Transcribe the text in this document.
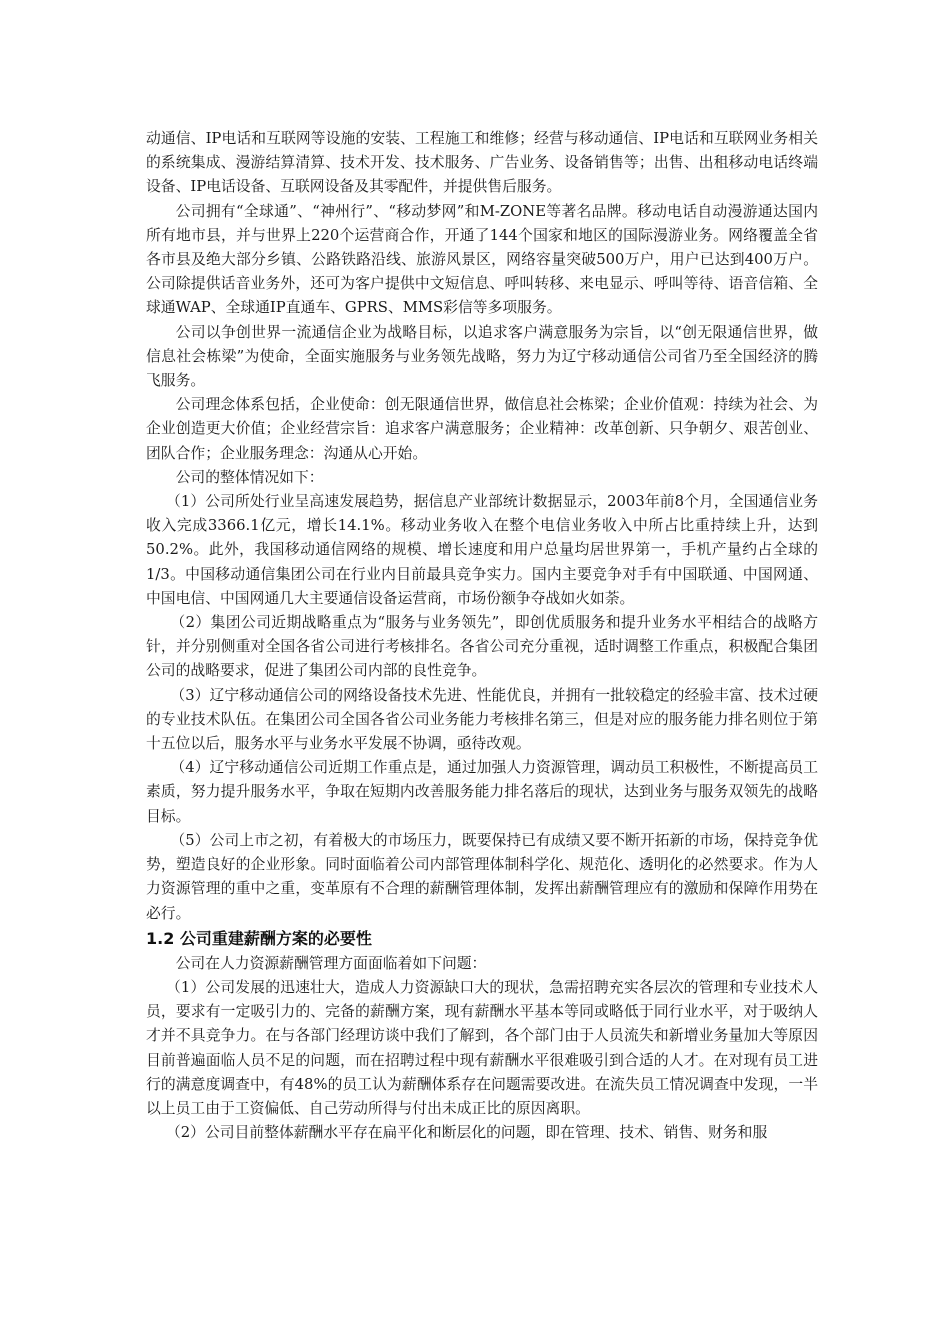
动通信、IP电话和互联网等设施的安装、工程施工和维修；经营与移动通信、IP电话和互联网业务相关的系统集成、漫游结算清算、技术开发、技术服务、广告业务、设备销售等；出售、出租移动电话终端设备、IP电话设备、互联网设备及其零配件，并提供售后服务。

公司拥有“全球通”、“神州行”、“移动梦网”和M-ZONE等著名品牌。移动电话自动漫游通达国内所有地市县，并与世界上220个运营商合作，开通了144个国家和地区的国际漫游业务。网络覆盖全省各市县及绝大部分乡镇、公路铁路沿线、旅游风景区，网络容量突破500万户，用户已达到400万户。公司除提供话音业务外，还可为客户提供中文短信息、呼叫转移、来电显示、呼叫等待、语音信箱、全球通WAP、全球通IP直通车、GPRS、MMS彩信等多项服务。

公司以争创世界一流通信企业为战略目标，以追求客户满意服务为宗旨，以“创无限通信世界，做信息社会栋梁”为使命，全面实施服务与业务领先战略，努力为辽宁移动通信公司省乃至全国经济的腾飞服务。

公司理念体系包括，企业使命：创无限通信世界，做信息社会栋梁；企业价值观：持续为社会、为企业创造更大价值；企业经营宗旨：追求客户满意服务；企业精神：改革创新、只争朝夕、艰苦创业、团队合作；企业服务理念：沟通从心开始。

公司的整体情况如下：

（1）公司所处行业呈高速发展趋势，据信息产业部统计数据显示，2003年前8个月，全国通信业务收入完成3366.1亿元，增长14.1%。移动业务收入在整个电信业务收入中所占比重持续上升，达到50.2%。此外，我国移动通信网络的规模、增长速度和用户总量均居世界第一，手机产量约占全球的1/3。中国移动通信集团公司在行业内目前最具竞争实力。国内主要竞争对手有中国联通、中国网通、中国电信、中国网通几大主要通信设备运营商，市场份额争夺战如火如荼。

（2）集团公司近期战略重点为“服务与业务领先”，即创优质服务和提升业务水平相结合的战略方针，并分别侧重对全国各省公司进行考核排名。各省公司充分重视，适时调整工作重点，积极配合集团公司的战略要求，促进了集团公司内部的良性竞争。

（3）辽宁移动通信公司的网络设备技术先进、性能优良，并拥有一批较稳定的经验丰富、技术过硬的专业技术队伍。在集团公司全国各省公司业务能力考核排名第三，但是对应的服务能力排名则位于第十五位以后，服务水平与业务水平发展不协调，亟待改观。

（4）辽宁移动通信公司近期工作重点是，通过加强人力资源管理，调动员工积极性，不断提高员工素质，努力提升服务水平，争取在短期内改善服务能力排名落后的现状，达到业务与服务双领先的战略目标。

（5）公司上市之初，有着极大的市场压力，既要保持已有成绩又要不断开拓新的市场，保持竞争优势，塑造良好的企业形象。同时面临着公司内部管理体制科学化、规范化、透明化的必然要求。作为人力资源管理的重中之重，变革原有不合理的薪酬管理体制，发挥出薪酬管理应有的激励和保障作用势在必行。

1.2 公司重建薪酬方案的必要性

公司在人力资源薪酬管理方面面临着如下问题：

（1）公司发展的迅速壮大，造成人力资源缺口大的现状，急需招聘充实各层次的管理和专业技术人员，要求有一定吸引力的、完备的薪酬方案，现有薪酬水平基本等同或略低于同行业水平，对于吸纳人才并不具竞争力。在与各部门经理访谈中我们了解到，各个部门由于人员流失和新增业务量加大等原因目前普遍面临人员不足的问题，而在招聘过程中现有薪酬水平很难吸引到合适的人才。在对现有员工进行的满意度调查中，有48%的员工认为薪酬体系存在问题需要改进。在流失员工情况调查中发现，一半以上员工由于工资偏低、自己劳动所得与付出未成正比的原因离职。

（2）公司目前整体薪酬水平存在扁平化和断层化的问题，即在管理、技术、销售、财务和服
